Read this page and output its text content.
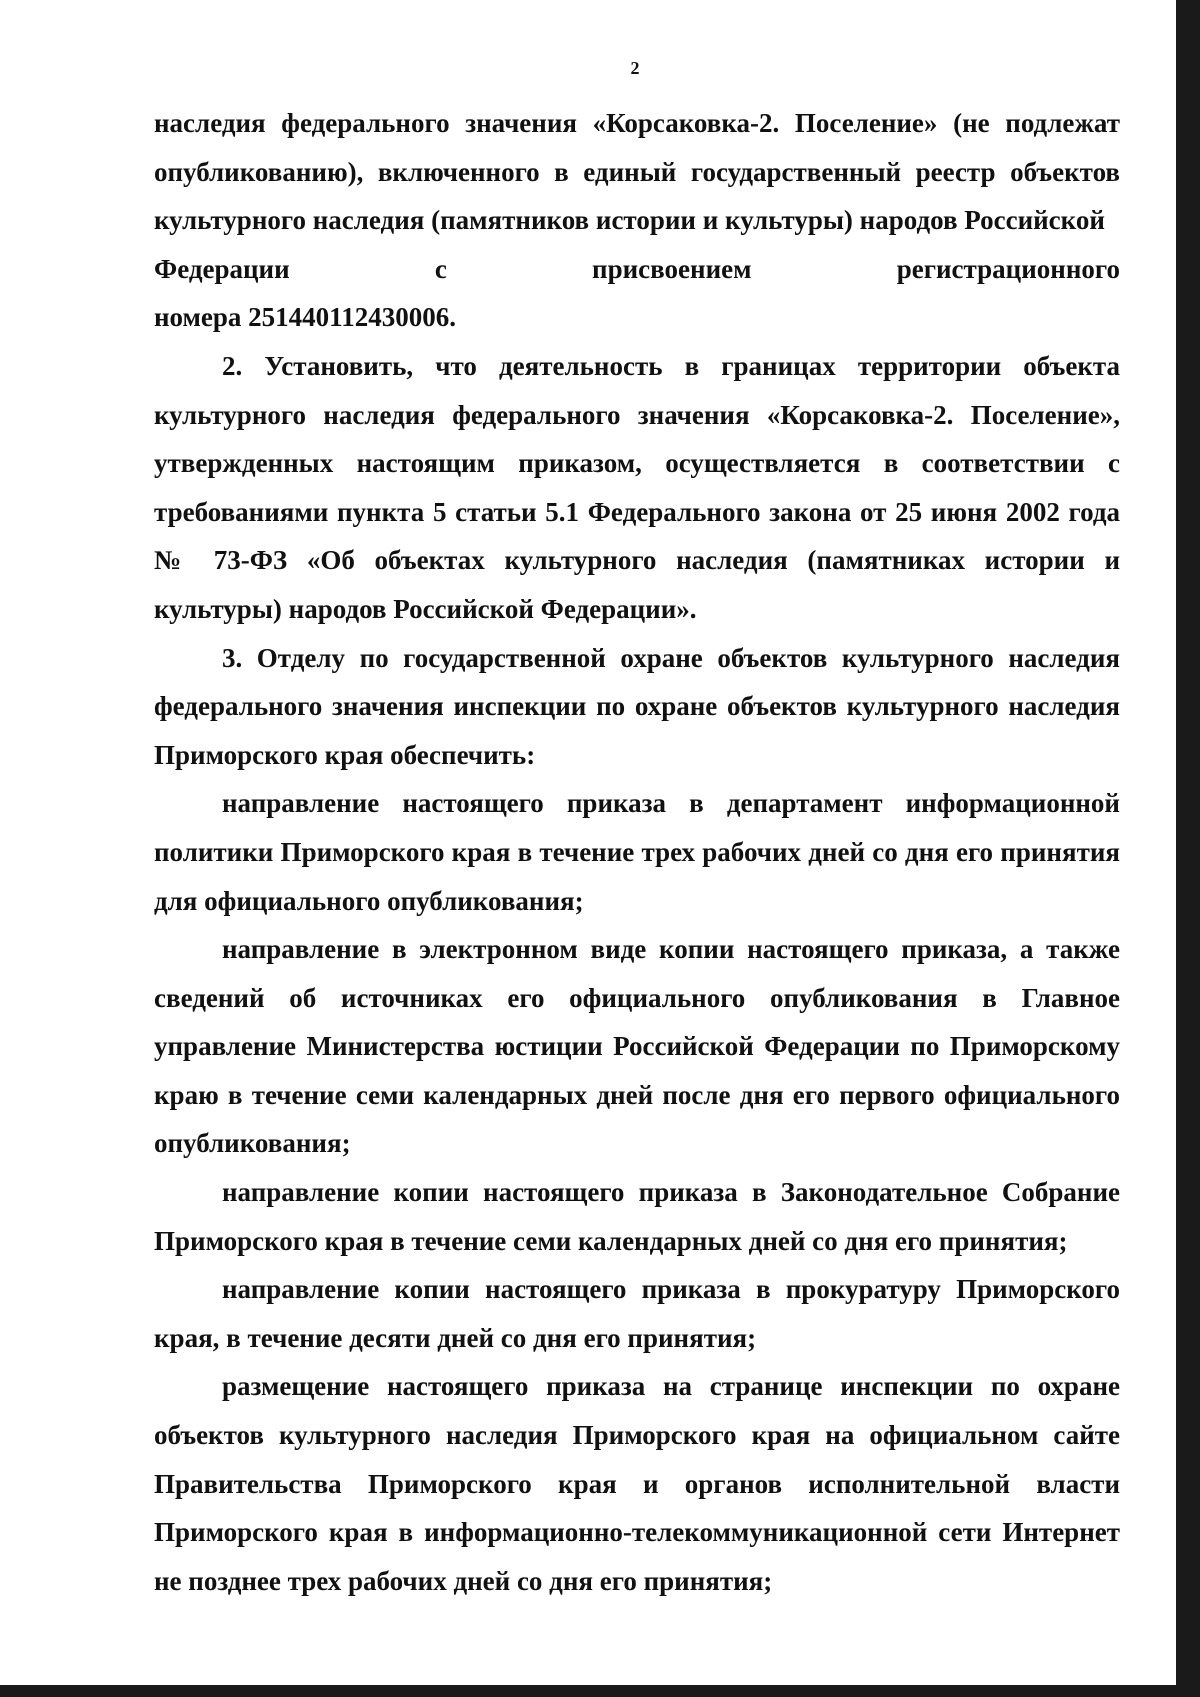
2

наследия федерального значения «Корсаковка-2. Поселение» (не подлежат опубликованию), включенного в единый государственный реестр объектов культурного наследия (памятников истории и культуры) народов Российской

Федерации	с	присвоением	регистрационного

номера 251440112430006.

2. Установить, что деятельность в границах территории объекта культурного наследия федерального значения «Корсаковка-2. Поселение», утвержденных настоящим приказом, осуществляется в соответствии с требованиями пункта 5 статьи 5.1 Федерального закона от 25 июня 2002 года № 73-ФЗ «Об объектах культурного наследия (памятниках истории и культуры) народов Российской Федерации».

3. Отделу по государственной охране объектов культурного наследия федерального значения инспекции по охране объектов культурного наследия Приморского края обеспечить:

направление настоящего приказа в департамент информационной политики Приморского края в течение трех рабочих дней со дня его принятия для официального опубликования;

направление в электронном виде копии настоящего приказа, а также сведений об источниках его официального опубликования в Главное управление Министерства юстиции Российской Федерации по Приморскому краю в течение семи календарных дней после дня его первого официального опубликования;

направление копии настоящего приказа в Законодательное Собрание Приморского края в течение семи календарных дней со дня его принятия;

направление копии настоящего приказа в прокуратуру Приморского края, в течение десяти дней со дня его принятия;

размещение настоящего приказа на странице инспекции по охране объектов культурного наследия Приморского края на официальном сайте Правительства Приморского края и органов исполнительной власти Приморского края в информационно-телекоммуникационной сети Интернет не позднее трех рабочих дней со дня его принятия;
